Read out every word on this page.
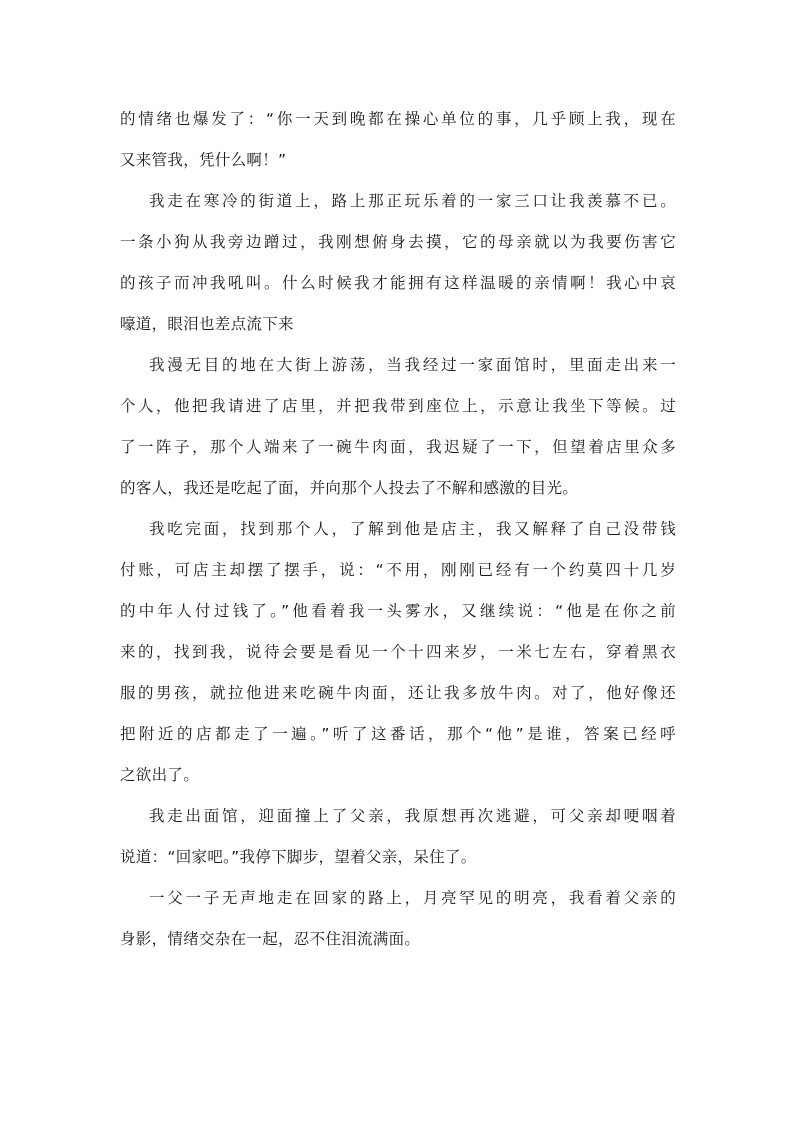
的情绪也爆发了：“你一天到晚都在操心单位的事，几乎顾上我，现在
又来管我，凭什么啊！”

我走在寒冷的街道上，路上那正玩乐着的一家三口让我羡慕不已。
一条小狗从我旁边蹭过，我刚想俯身去摸，它的母亲就以为我要伤害它
的孩子而冲我吼叫。什么时候我才能拥有这样温暖的亲情啊！我心中哀
嚎道，眼泪也差点流下来

我漫无目的地在大街上游荡，当我经过一家面馆时，里面走出来一
个人，他把我请进了店里，并把我带到座位上，示意让我坐下等候。过
了一阵子，那个人端来了一碗牛肉面，我迟疑了一下，但望着店里众多
的客人，我还是吃起了面，并向那个人投去了不解和感激的目光。

我吃完面，找到那个人，了解到他是店主，我又解释了自己没带钱
付账，可店主却摆了摆手，说：“不用，刚刚已经有一个约莫四十几岁
的中年人付过钱了。”他看着我一头雾水，又继续说：“他是在你之前
来的，找到我，说待会要是看见一个十四来岁，一米七左右，穿着黑衣
服的男孩，就拉他进来吃碗牛肉面，还让我多放牛肉。对了，他好像还
把附近的店都走了一遍。”听了这番话，那个“他”是谁，答案已经呼
之欲出了。

我走出面馆，迎面撞上了父亲，我原想再次逃避，可父亲却哽咽着
说道：“回家吧。”我停下脚步，望着父亲，呆住了。

一父一子无声地走在回家的路上，月亮罕见的明亮，我看着父亲的
身影，情绪交杂在一起，忍不住泪流满面。
